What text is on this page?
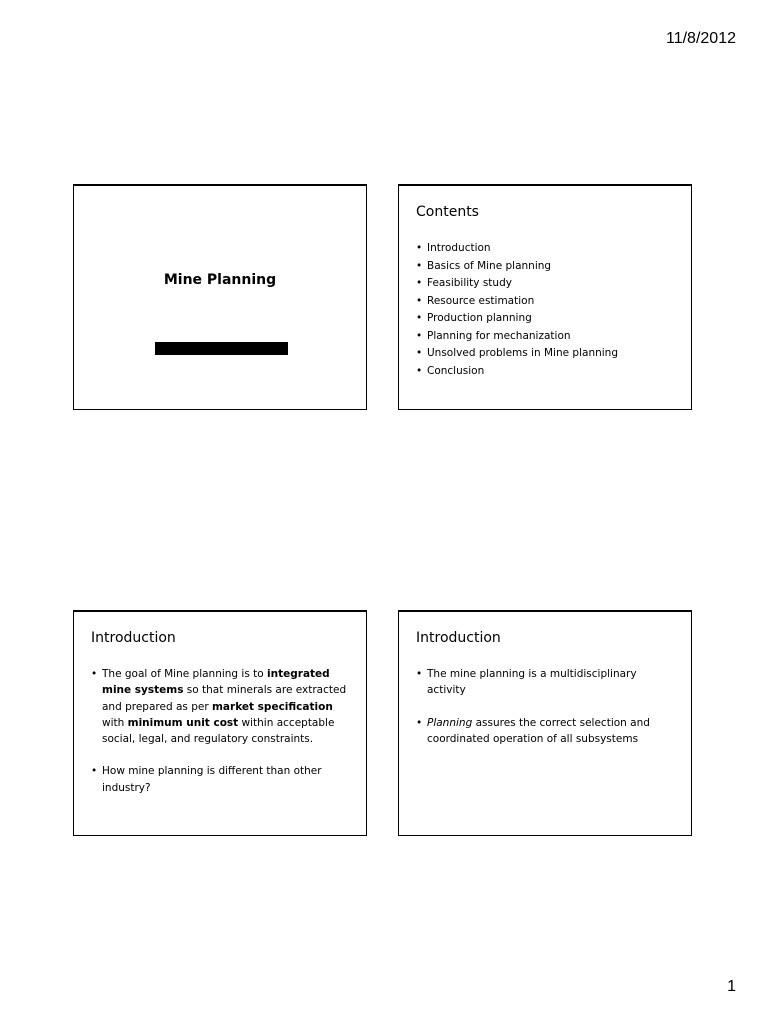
11/8/2012
Mine Planning
Contents
• Introduction
• Basics of Mine planning
• Feasibility study
• Resource estimation
• Production planning
• Planning for mechanization
• Unsolved problems in Mine planning
• Conclusion
Introduction
• The goal of Mine planning is to integrated mine systems so that minerals are extracted and prepared as per market specification with minimum unit cost within acceptable social, legal, and regulatory constraints.
• How mine planning is different than other industry?
Introduction
• The mine planning is a multidisciplinary activity
• Planning assures the correct selection and coordinated operation of all subsystems
1
